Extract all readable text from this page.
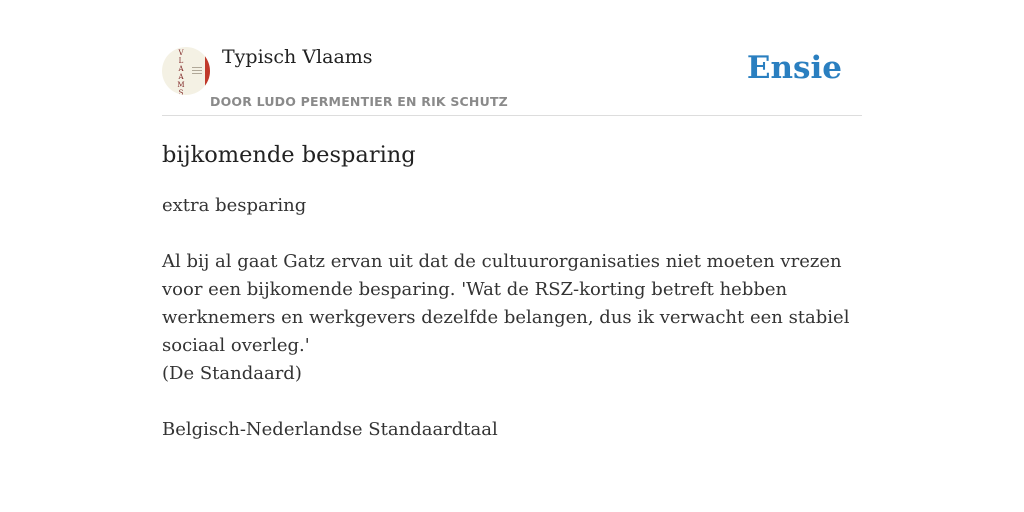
VLAAMS
Typisch Vlaams
DOOR LUDO PERMENTIER EN RIK SCHUTZ
Ensie
bijkomende besparing
extra besparing
Al bij al gaat Gatz ervan uit dat de cultuurorganisaties niet moeten vrezen voor een bijkomende besparing. 'Wat de RSZ-korting betreft hebben werknemers en werkgevers dezelfde belangen, dus ik verwacht een stabiel sociaal overleg.'
(De Standaard)
Belgisch-Nederlandse Standaardtaal
